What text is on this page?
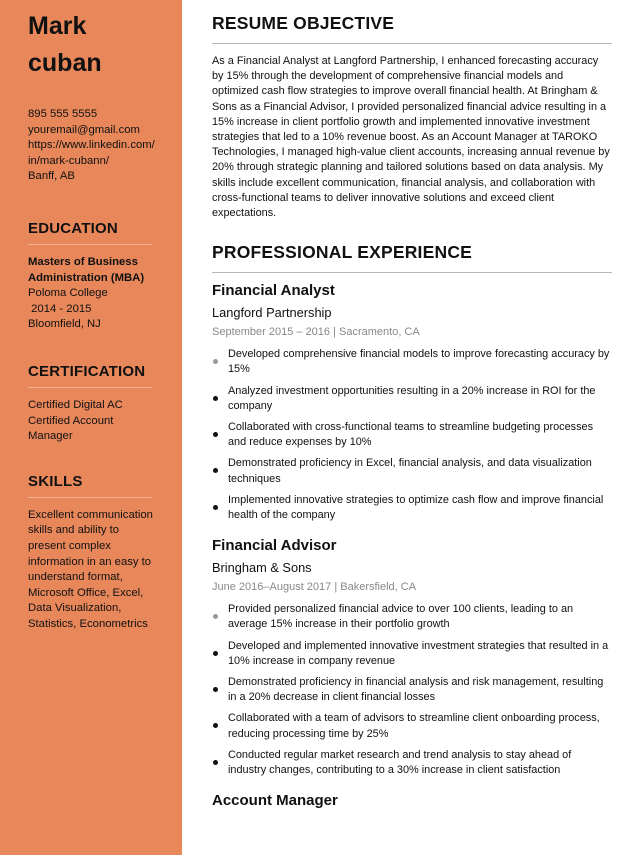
Mark
cuban
895 555 5555
youremail@gmail.com
https://www.linkedin.com/
in/mark-cubann/
Banff, AB
EDUCATION
Masters of Business
Administration (MBA)
Poloma College
2014 - 2015
Bloomfield, NJ
CERTIFICATION
Certified Digital AC
Certified Account
Manager
SKILLS
Excellent communication
skills and ability to
present complex
information in an easy to
understand format,
Microsoft Office, Excel,
Data Visualization,
Statistics, Econometrics
RESUME OBJECTIVE

As a Financial Analyst at Langford Partnership, I enhanced forecasting accuracy by 15% through the development of comprehensive financial models and optimized cash flow strategies to improve overall financial health. At Bringham & Sons as a Financial Advisor, I provided personalized financial advice resulting in a 15% increase in client portfolio growth and implemented innovative investment strategies that led to a 10% revenue boost. As an Account Manager at TAROKO Technologies, I managed high-value client accounts, increasing annual revenue by 20% through strategic planning and tailored solutions based on data analysis. My skills include excellent communication, financial analysis, and collaboration with cross-functional teams to deliver innovative solutions and exceed client expectations.

PROFESSIONAL EXPERIENCE
Financial Analyst
Langford Partnership
September 2015 – 2016 | Sacramento, CA
Developed comprehensive financial models to improve forecasting accuracy by 15%
Analyzed investment opportunities resulting in a 20% increase in ROI for the company
Collaborated with cross-functional teams to streamline budgeting processes and reduce expenses by 10%
Demonstrated proficiency in Excel, financial analysis, and data visualization techniques
Implemented innovative strategies to optimize cash flow and improve financial health of the company
Financial Advisor
Bringham & Sons
June 2016–August 2017 | Bakersfield, CA
Provided personalized financial advice to over 100 clients, leading to an average 15% increase in their portfolio growth
Developed and implemented innovative investment strategies that resulted in a 10% increase in company revenue
Demonstrated proficiency in financial analysis and risk management, resulting in a 20% decrease in client financial losses
Collaborated with a team of advisors to streamline client onboarding process, reducing processing time by 25%
Conducted regular market research and trend analysis to stay ahead of industry changes, contributing to a 30% increase in client satisfaction
Account Manager
